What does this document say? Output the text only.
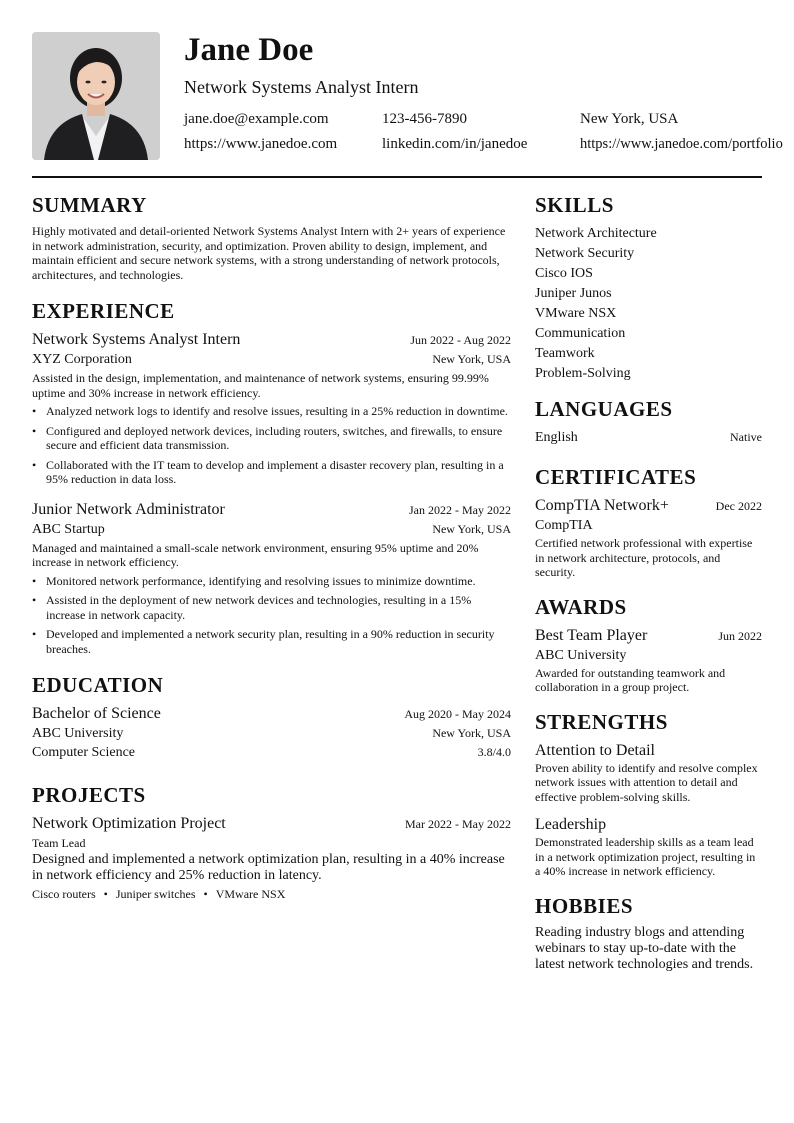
Jane Doe
Network Systems Analyst Intern
jane.doe@example.com	123-456-7890	New York, USA
https://www.janedoe.com	linkedin.com/in/janedoe	https://www.janedoe.com/portfolio
SUMMARY
Highly motivated and detail-oriented Network Systems Analyst Intern with 2+ years of experience in network administration, security, and optimization. Proven ability to design, implement, and maintain efficient and secure network systems, with a strong understanding of network protocols, architectures, and technologies.
EXPERIENCE
Network Systems Analyst Intern	Jun 2022 - Aug 2022
XYZ Corporation	New York, USA
Assisted in the design, implementation, and maintenance of network systems, ensuring 99.99% uptime and 30% increase in network efficiency.
• Analyzed network logs to identify and resolve issues, resulting in a 25% reduction in downtime.
• Configured and deployed network devices, including routers, switches, and firewalls, to ensure secure and efficient data transmission.
• Collaborated with the IT team to develop and implement a disaster recovery plan, resulting in a 95% reduction in data loss.
Junior Network Administrator	Jan 2022 - May 2022
ABC Startup	New York, USA
Managed and maintained a small-scale network environment, ensuring 95% uptime and 20% increase in network efficiency.
• Monitored network performance, identifying and resolving issues to minimize downtime.
• Assisted in the deployment of new network devices and technologies, resulting in a 15% increase in network capacity.
• Developed and implemented a network security plan, resulting in a 90% reduction in security breaches.
EDUCATION
Bachelor of Science	Aug 2020 - May 2024
ABC University	New York, USA
Computer Science	3.8/4.0
PROJECTS
Network Optimization Project	Mar 2022 - May 2022
Team Lead
Designed and implemented a network optimization plan, resulting in a 40% increase in network efficiency and 25% reduction in latency.
Cisco routers • Juniper switches • VMware NSX
SKILLS
Network Architecture
Network Security
Cisco IOS
Juniper Junos
VMware NSX
Communication
Teamwork
Problem-Solving
LANGUAGES
English	Native
CERTIFICATES
CompTIA Network+	Dec 2022
CompTIA
Certified network professional with expertise in network architecture, protocols, and security.
AWARDS
Best Team Player	Jun 2022
ABC University
Awarded for outstanding teamwork and collaboration in a group project.
STRENGTHS
Attention to Detail
Proven ability to identify and resolve complex network issues with attention to detail and effective problem-solving skills.
Leadership
Demonstrated leadership skills as a team lead in a network optimization project, resulting in a 40% increase in network efficiency.
HOBBIES
Reading industry blogs and attending webinars to stay up-to-date with the latest network technologies and trends.
